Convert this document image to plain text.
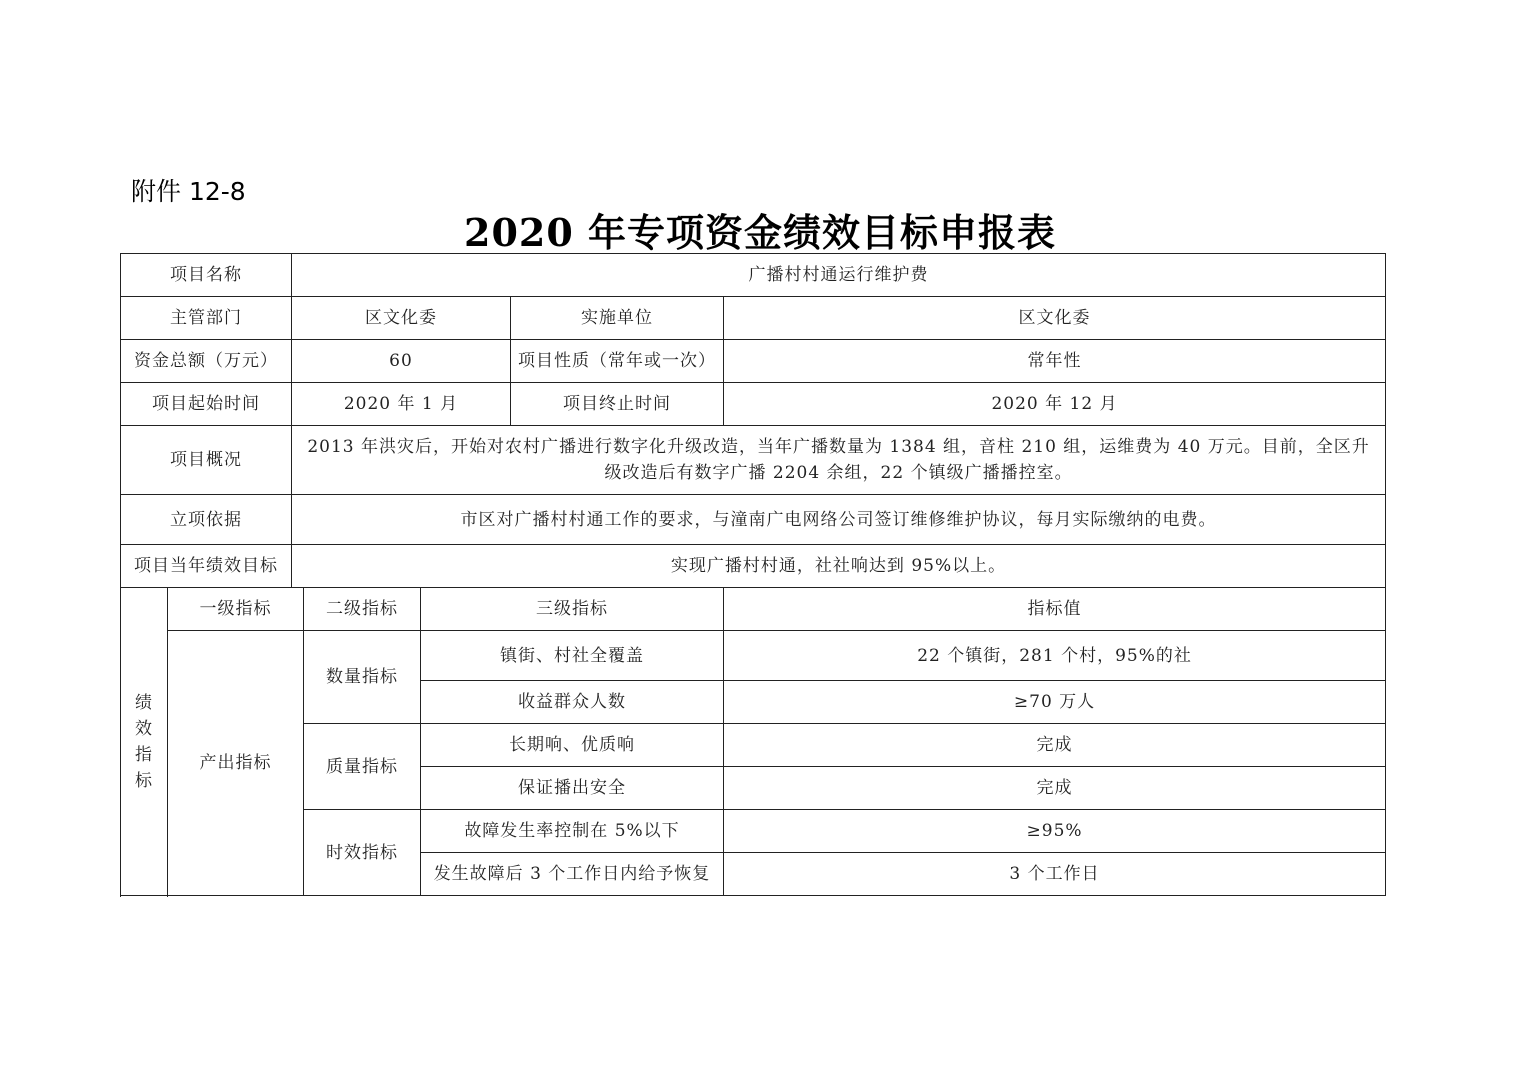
附件 12-8
2020 年专项资金绩效目标申报表
项目名称		广播村村通运行维护费				
主管部门		区文化委			实施单位	区文化委
资金总额（万元）		60			项目性质（常年或一次）	常年性
项目起始时间		2020 年 1 月			项目终止时间	2020 年 12 月
项目概况		2013 年洪灾后，开始对农村广播进行数字化升级改造，当年广播数量为 1384 组，音柱 210 组，运维费为 40 万元。目前，全区升级改造后有数字广播 2204 余组，22 个镇级广播播控室。				
立项依据		市区对广播村村通工作的要求，与潼南广电网络公司签订维修维护协议，每月实际缴纳的电费。				
项目当年绩效目标		实现广播村村通，社社响达到 95%以上。				

绩
效
指
标	一级指标		二级指标	三级指标		指标值
	产出指标		数量指标	镇街、村社全覆盖		22 个镇街，281 个村，95%的社
				收益群众人数		≥70 万人
			质量指标	长期响、优质响		完成
				保证播出安全		完成
			时效指标	故障发生率控制在 5%以下		≥95%
				发生故障后 3 个工作日内给予恢复		3 个工作日
